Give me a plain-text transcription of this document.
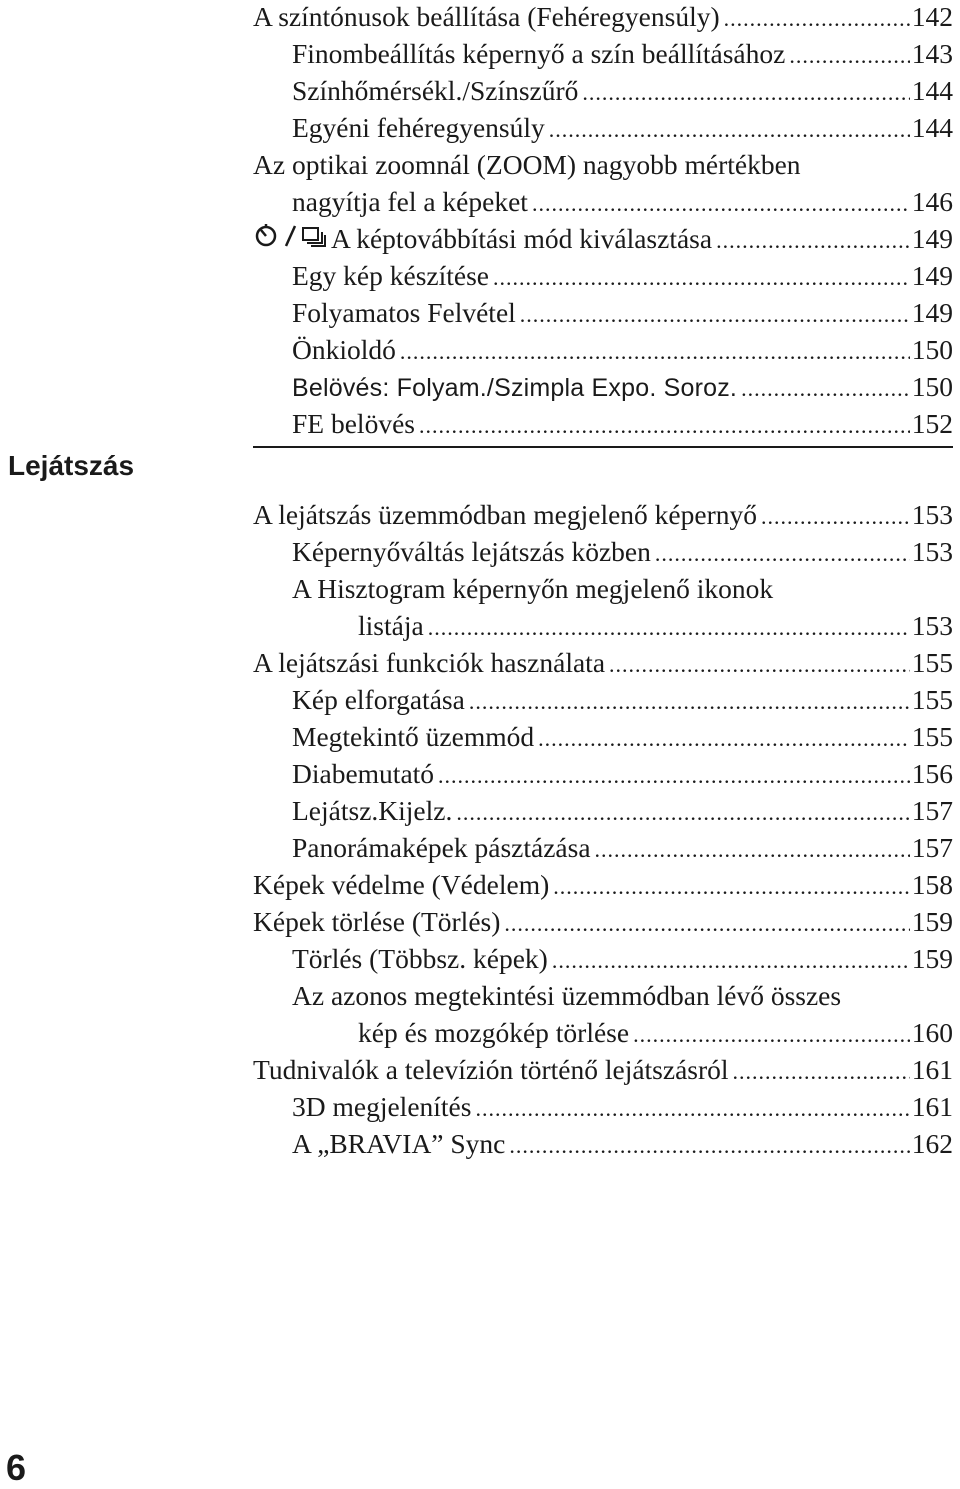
A színtónusok beállítása (Fehéregyensúly) .....	142
Finombeállítás képernyő a szín beállításához .....	143
Színhőmérsékl./Színszűrő .....	144
Egyéni fehéregyensúly .....	144
Az optikai zoomnál (ZOOM) nagyobb mértékben
nagyítja fel a képeket .....	146
A képtovábbítási mód kiválasztása .....	149
Egy kép készítése .....	149
Folyamatos Felvétel .....	149
Önkioldó .....	150
Belövés: Folyam./Szimpla Expo. Soroz. .....	150
FE belövés .....	152
Lejátszás
A lejátszás üzemmódban megjelenő képernyő .....	153
Képernyőváltás lejátszás közben .....	153
A Hisztogram képernyőn megjelenő ikonok
listája .....	153
A lejátszási funkciók használata .....	155
Kép elforgatása .....	155
Megtekintő üzemmód .....	155
Diabemutató .....	156
Lejátsz.Kijelz. .....	157
Panorámaképek pásztázása .....	157
Képek védelme (Védelem) .....	158
Képek törlése (Törlés) .....	159
Törlés (Többsz. képek) .....	159
Az azonos megtekintési üzemmódban lévő összes
kép és mozgókép törlése .....	160
Tudnivalók a televízión történő lejátszásról .....	161
3D megjelenítés .....	161
A „BRAVIA” Sync .....	162
6
